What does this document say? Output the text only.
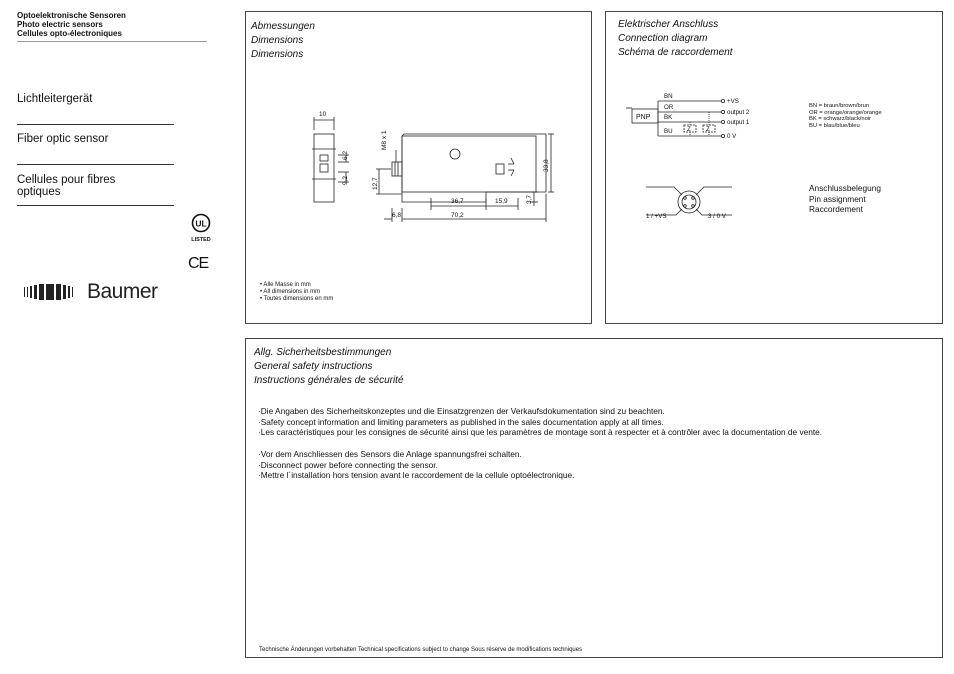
Optoelektronische Sensoren
Photo electric sensors
Cellules opto-électroniques
Lichtleitergerät
Fiber optic sensor
Cellules pour fibres
optiques
UL
LISTED
CE
Baumer
Abmessungen
Dimensions
Dimensions
10
6,2
9,2
M8 x 1
12,7
36,7	15,9
33,8
3,7
6,8	70,2
• Alle Masse in mm
• All dimensions in mm
• Toutes dimensions en mm
Elektrischer Anschluss
Connection diagram
Schéma de raccordement
BN
OR
BK
BU
PNP
+VS
output 2
output 1
0 V
Z Z
1 / +VS	3 / 0 V
BN = braun/brown/brun
OR = orange/orange/orange
BK = schwarz/black/noir
BU = blau/blue/bleu
Anschlussbelegung
Pin assignment
Raccordement
Allg. Sicherheitsbestimmungen
General safety instructions
Instructions générales de sécurité
·Die Angaben des Sicherheitskonzeptes und die Einsatzgrenzen der Verkaufsdokumentation sind zu beachten.
·Safety concept information and limiting parameters as published in the sales documentation apply at all times.
·Les caractéristiques pour les consignes de sécurité ainsi que les paramètres de montage sont à respecter et à contrôler avec la documentation de vente.
·Vor dem Anschliessen des Sensors die Anlage spannungsfrei schalten.
·Disconnect power before connecting the sensor.
·Mettre l´installation hors tension avant le raccordement de la cellule optoélectronique.
Technische Änderungen vorbehalten Technical specifications subject to change Sous réserve de modifications techniques
